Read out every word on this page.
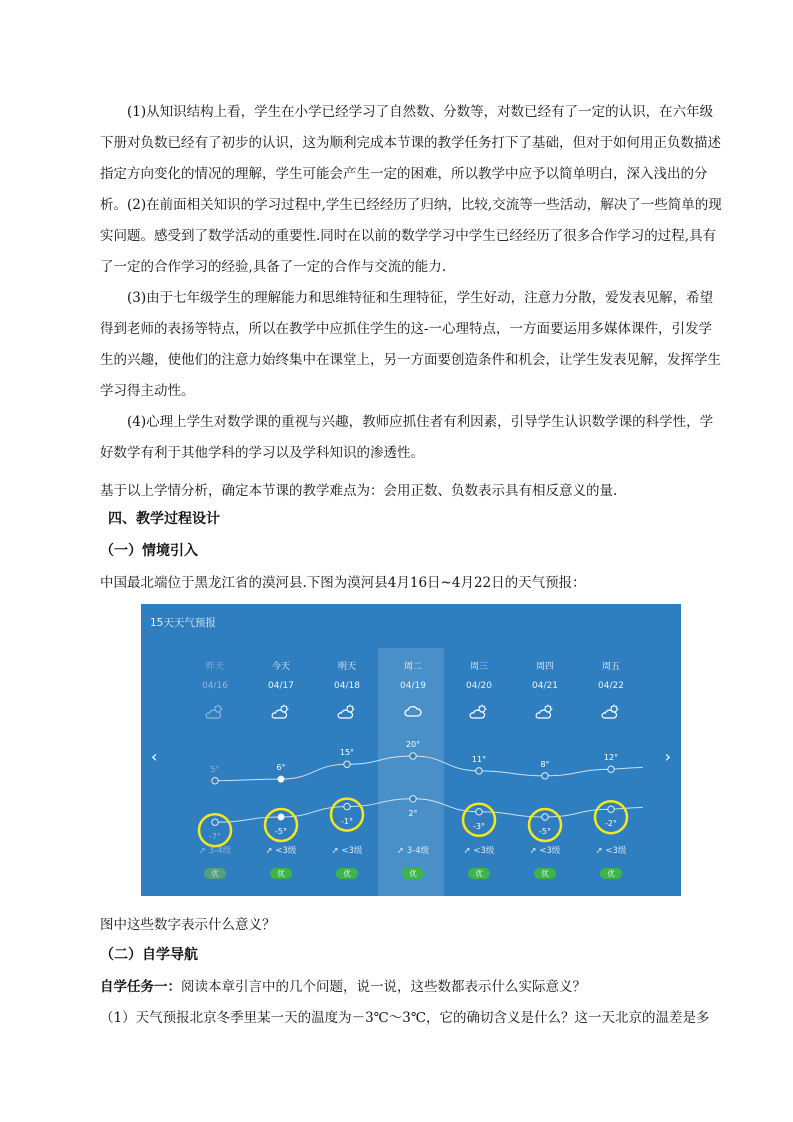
(1)从知识结构上看，学生在小学已经学习了自然数、分数等，对数已经有了一定的认识，在六年级下册对负数已经有了初步的认识，这为顺利完成本节课的教学任务打下了基础，但对于如何用正负数描述指定方向变化的情况的理解，学生可能会产生一定的困难，所以教学中应予以简单明白，深入浅出的分析。 (2)在前面相关知识的学习过程中,学生已经经历了归纳，比较,交流等一些活动，解决了一些简单的现实问题。感受到了数学活动的重要性.同时在以前的数学学习中学生已经经历了很多合作学习的过程,具有了一定的合作学习的经验,具备了一定的合作与交流的能力.
(3)由于七年级学生的理解能力和思维特征和生理特征，学生好动，注意力分散，爱发表见解，希望得到老师的表扬等特点，所以在教学中应抓住学生的这-一心理特点，一方面要运用多媒体课件，引发学生的兴趣，使他们的注意力始终集中在课堂上，另一方面要创造条件和机会，让学生发表见解，发挥学生学习得主动性。
(4)心理上学生对数学课的重视与兴趣，教师应抓住者有利因素，引导学生认识数学课的科学性，学好数学有利于其他学科的学习以及学科知识的渗透性。
基于以上学情分析，确定本节课的教学难点为：会用正数、负数表示具有相反意义的量.
四、教学过程设计
（一）情境引入
中国最北端位于黑龙江省的漠河县.下图为漠河县4月16日~4月22日的天气预报：
15天天气预报
‹	›
昨天
04/16
5°
-7°
➚ 3-4级
优
今天
04/17
6°
-5°
➚ <3级
优
明天
04/18
15°
-1°
➚ <3级
优
周二
04/19
20°
2°
➚ 3-4级
优
周三
04/20
11°
-3°
➚ <3级
优
周四
04/21
8°
-5°
➚ <3级
优
周五
04/22
12°
-2°
➚ <3级
优
图中这些数字表示什么意义？
（二）自学导航
自学任务一：阅读本章引言中的几个问题，说一说，这些数都表示什么实际意义？
（1）天气预报北京冬季里某一天的温度为－3℃～3℃，它的确切含义是什么？这一天北京的温差是多
